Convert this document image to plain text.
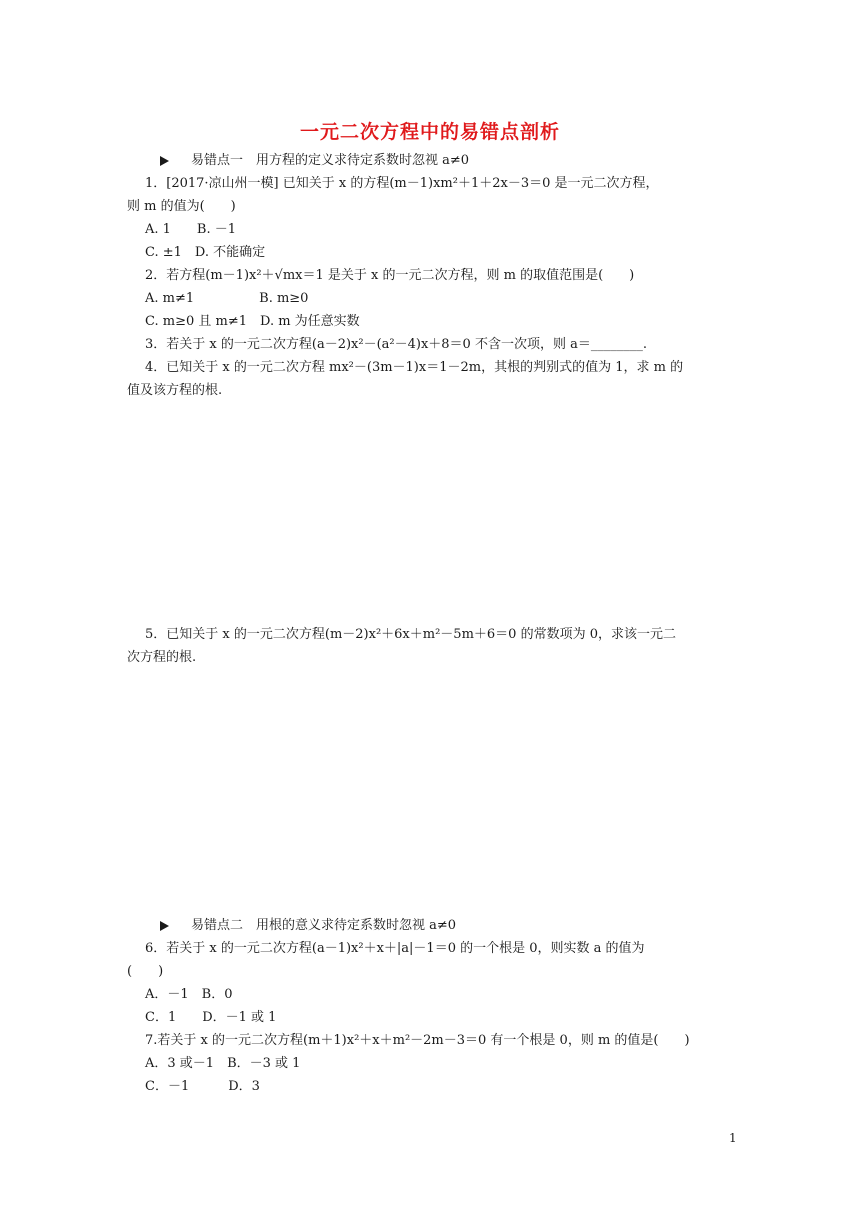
一元二次方程中的易错点剖析
易错点一　用方程的定义求待定系数时忽视 a≠0
1．[2017·凉山州一模] 已知关于 x 的方程(m－1)xm²＋1＋2x－3＝0 是一元二次方程，
则 m 的值为(　　)
A. 1　　B. －1
C. ±1　D. 不能确定
2．若方程(m－1)x²＋√mx＝1 是关于 x 的一元二次方程，则 m 的取值范围是(　　)
A. m≠1　　　　　B. m≥0
C. m≥0 且 m≠1　D. m 为任意实数
3．若关于 x 的一元二次方程(a－2)x²－(a²－4)x＋8＝0 不含一次项，则 a＝________.
4．已知关于 x 的一元二次方程 mx²－(3m－1)x＝1－2m，其根的判别式的值为 1，求 m 的
值及该方程的根.
5．已知关于 x 的一元二次方程(m－2)x²＋6x＋m²－5m＋6＝0 的常数项为 0，求该一元二
次方程的根.
易错点二　用根的意义求待定系数时忽视 a≠0
6．若关于 x 的一元二次方程(a－1)x²＋x＋|a|－1＝0 的一个根是 0，则实数 a 的值为
(　　)
A．－1　B．0
C．1　　D．－1 或 1
7.若关于 x 的一元二次方程(m＋1)x²＋x＋m²－2m－3＝0 有一个根是 0，则 m 的值是(　　)
A．3 或－1　B．－3 或 1
C．－1　　　D．3
1
